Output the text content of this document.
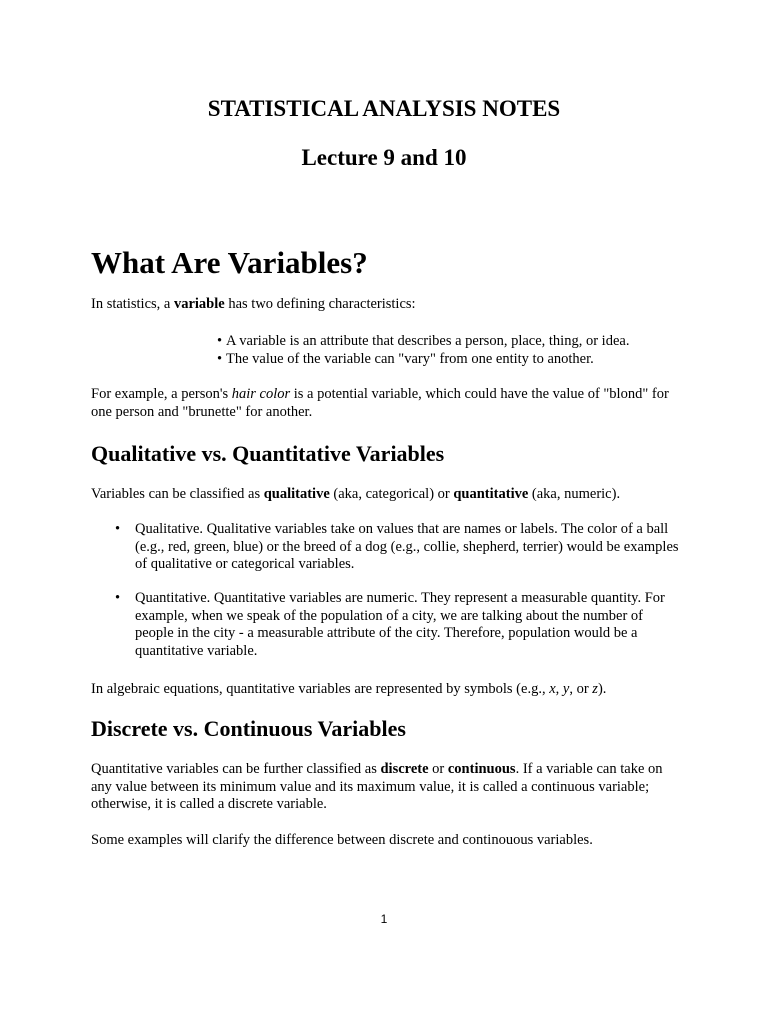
STATISTICAL ANALYSIS NOTES
Lecture 9 and 10
What Are Variables?

In statistics, a variable has two defining characteristics:

• A variable is an attribute that describes a person, place, thing, or idea.
• The value of the variable can "vary" from one entity to another.

For example, a person's hair color is a potential variable, which could have the value of "blond" for one person and "brunette" for another.

Qualitative vs. Quantitative Variables

Variables can be classified as qualitative (aka, categorical) or quantitative (aka, numeric).

•	Qualitative. Qualitative variables take on values that are names or labels. The color of a ball (e.g., red, green, blue) or the breed of a dog (e.g., collie, shepherd, terrier) would be examples of qualitative or categorical variables.
•	Quantitative. Quantitative variables are numeric. They represent a measurable quantity. For example, when we speak of the population of a city, we are talking about the number of people in the city - a measurable attribute of the city. Therefore, population would be a quantitative variable.

In algebraic equations, quantitative variables are represented by symbols (e.g., x, y, or z).

Discrete vs. Continuous Variables

Quantitative variables can be further classified as discrete or continuous. If a variable can take on any value between its minimum value and its maximum value, it is called a continuous variable; otherwise, it is called a discrete variable.

Some examples will clarify the difference between discrete and continouous variables.

1
